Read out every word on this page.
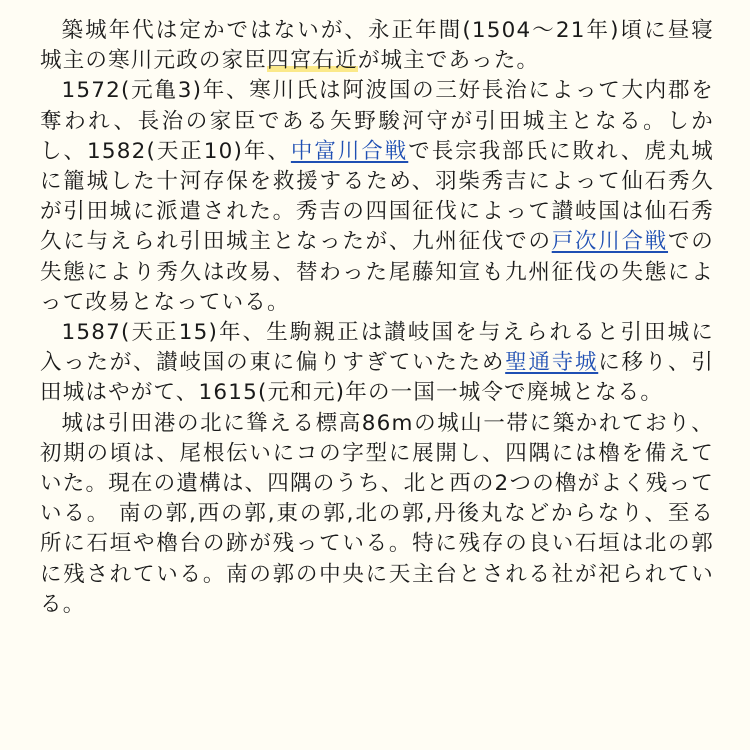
築城年代は定かではないが、永正年間(1504〜21年)頃に昼寝城主の寒川元政の家臣四宮右近が城主であった。

1572(元亀3)年、寒川氏は阿波国の三好長治によって大内郡を奪われ、長治の家臣である矢野駿河守が引田城主となる。しかし、1582(天正10)年、中富川合戦で長宗我部氏に敗れ、虎丸城に籠城した十河存保を救援するため、羽柴秀吉によって仙石秀久が引田城に派遣された。秀吉の四国征伐によって讃岐国は仙石秀久に与えられ引田城主となったが、九州征伐での戸次川合戦での失態により秀久は改易、替わった尾藤知宣も九州征伐の失態によって改易となっている。

1587(天正15)年、生駒親正は讃岐国を与えられると引田城に入ったが、讃岐国の東に偏りすぎていたため聖通寺城に移り、引田城はやがて、1615(元和元)年の一国一城令で廃城となる。

城は引田港の北に聳える標高86mの城山一帯に築かれており、初期の頃は、尾根伝いにコの字型に展開し、四隅には櫓を備えていた。現在の遺構は、四隅のうち、北と西の2つの櫓がよく残っている。 南の郭,西の郭,東の郭,北の郭,丹後丸などからなり、至る所に石垣や櫓台の跡が残っている。特に残存の良い石垣は北の郭に残されている。南の郭の中央に天主台とされる社が祀られている。
